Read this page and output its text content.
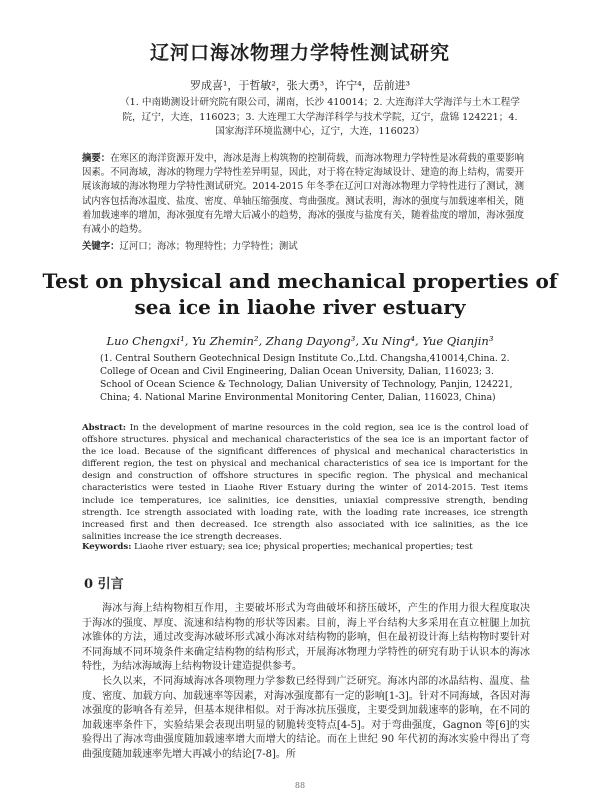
辽河口海冰物理力学特性测试研究
罗成喜¹，于哲敏²，张大勇³，许宁⁴，岳前进³
（1. 中南勘测设计研究院有限公司，湖南，长沙 410014；2. 大连海洋大学海洋与土木工程学院，辽宁，大连，116023；3. 大连理工大学海洋科学与技术学院，辽宁，盘锦 124221；4. 国家海洋环境监测中心，辽宁，大连，116023）
摘要：在寒区的海洋资源开发中，海冰是海上构筑物的控制荷载，而海冰物理力学特性是冰荷载的重要影响因素。不同海域，海冰的物理力学特性差异明显，因此，对于将在特定海域设计、建造的海上结构，需要开展该海域的海冰物理力学特性测试研究。2014-2015 年冬季在辽河口对海冰物理力学特性进行了测试，测试内容包括海冰温度、盐度、密度、单轴压缩强度、弯曲强度。测试表明，海冰的强度与加载速率相关，随着加载速率的增加，海冰强度有先增大后减小的趋势，海冰的强度与盐度有关，随着盐度的增加，海冰强度有减小的趋势。
关键字：辽河口；海冰；物理特性；力学特性；测试
Test on physical and mechanical properties of
sea ice in liaohe river estuary
Luo Chengxi¹, Yu Zhemin², Zhang Dayong³, Xu Ning⁴, Yue Qianjin³
(1. Central Southern Geotechnical Design Institute Co.,Ltd. Changsha,410014,China. 2. College of Ocean and Civil Engineering, Dalian Ocean University, Dalian, 116023; 3. School of Ocean Science & Technology, Dalian University of Technology, Panjin, 124221, China; 4. National Marine Environmental Monitoring Center, Dalian, 116023, China)
Abstract: In the development of marine resources in the cold region, sea ice is the control load of offshore structures. physical and mechanical characteristics of the sea ice is an important factor of the ice load. Because of the significant differences of physical and mechanical characteristics in different region, the test on physical and mechanical characteristics of sea ice is important for the design and construction of offshore structures in specific region. The physical and mechanical characteristics were tested in Liaohe River Estuary during the winter of 2014-2015. Test items include ice temperatures, ice salinities, ice densities, uniaxial compressive strength, bending strength. Ice strength associated with loading rate, with the loading rate increases, ice strength increased first and then decreased. Ice strength also associated with ice salinities, as the ice salinities increase the ice strength decreases.
Keywords: Liaohe river estuary; sea ice; physical properties; mechanical properties; test
0 引言

海冰与海上结构物相互作用，主要破坏形式为弯曲破坏和挤压破坏，产生的作用力很大程度取决于海冰的强度、厚度、流速和结构物的形状等因素。目前，海上平台结构大多采用在直立桩腿上加抗冰锥体的方法，通过改变海冰破坏形式减小海冰对结构物的影响，但在最初设计海上结构物时要针对不同海域不同环境条件来确定结构物的结构形式，开展海冰物理力学特性的研究有助于认识本的海冰特性，为结冰海域海上结构物设计建造提供参考。

长久以来，不同海域海冰各项物理力学参数已经得到广泛研究。海冰内部的冰晶结构、温度、盐度、密度、加载方向、加载速率等因素，对海冰强度都有一定的影响[1-3]。针对不同海域，各因对海冰强度的影响各有差异，但基本规律相似。对于海冰抗压强度，主要受到加载速率的影响，在不同的加载速率条件下，实验结果会表现出明显的韧脆转变特点[4-5]。对于弯曲强度，Gagnon 等[6]的实验得出了海冰弯曲强度随加载速率增大而增大的结论。而在上世纪 90 年代初的海冰实验中得出了弯曲强度随加载速率先增大再减小的结论[7-8]。所

88
